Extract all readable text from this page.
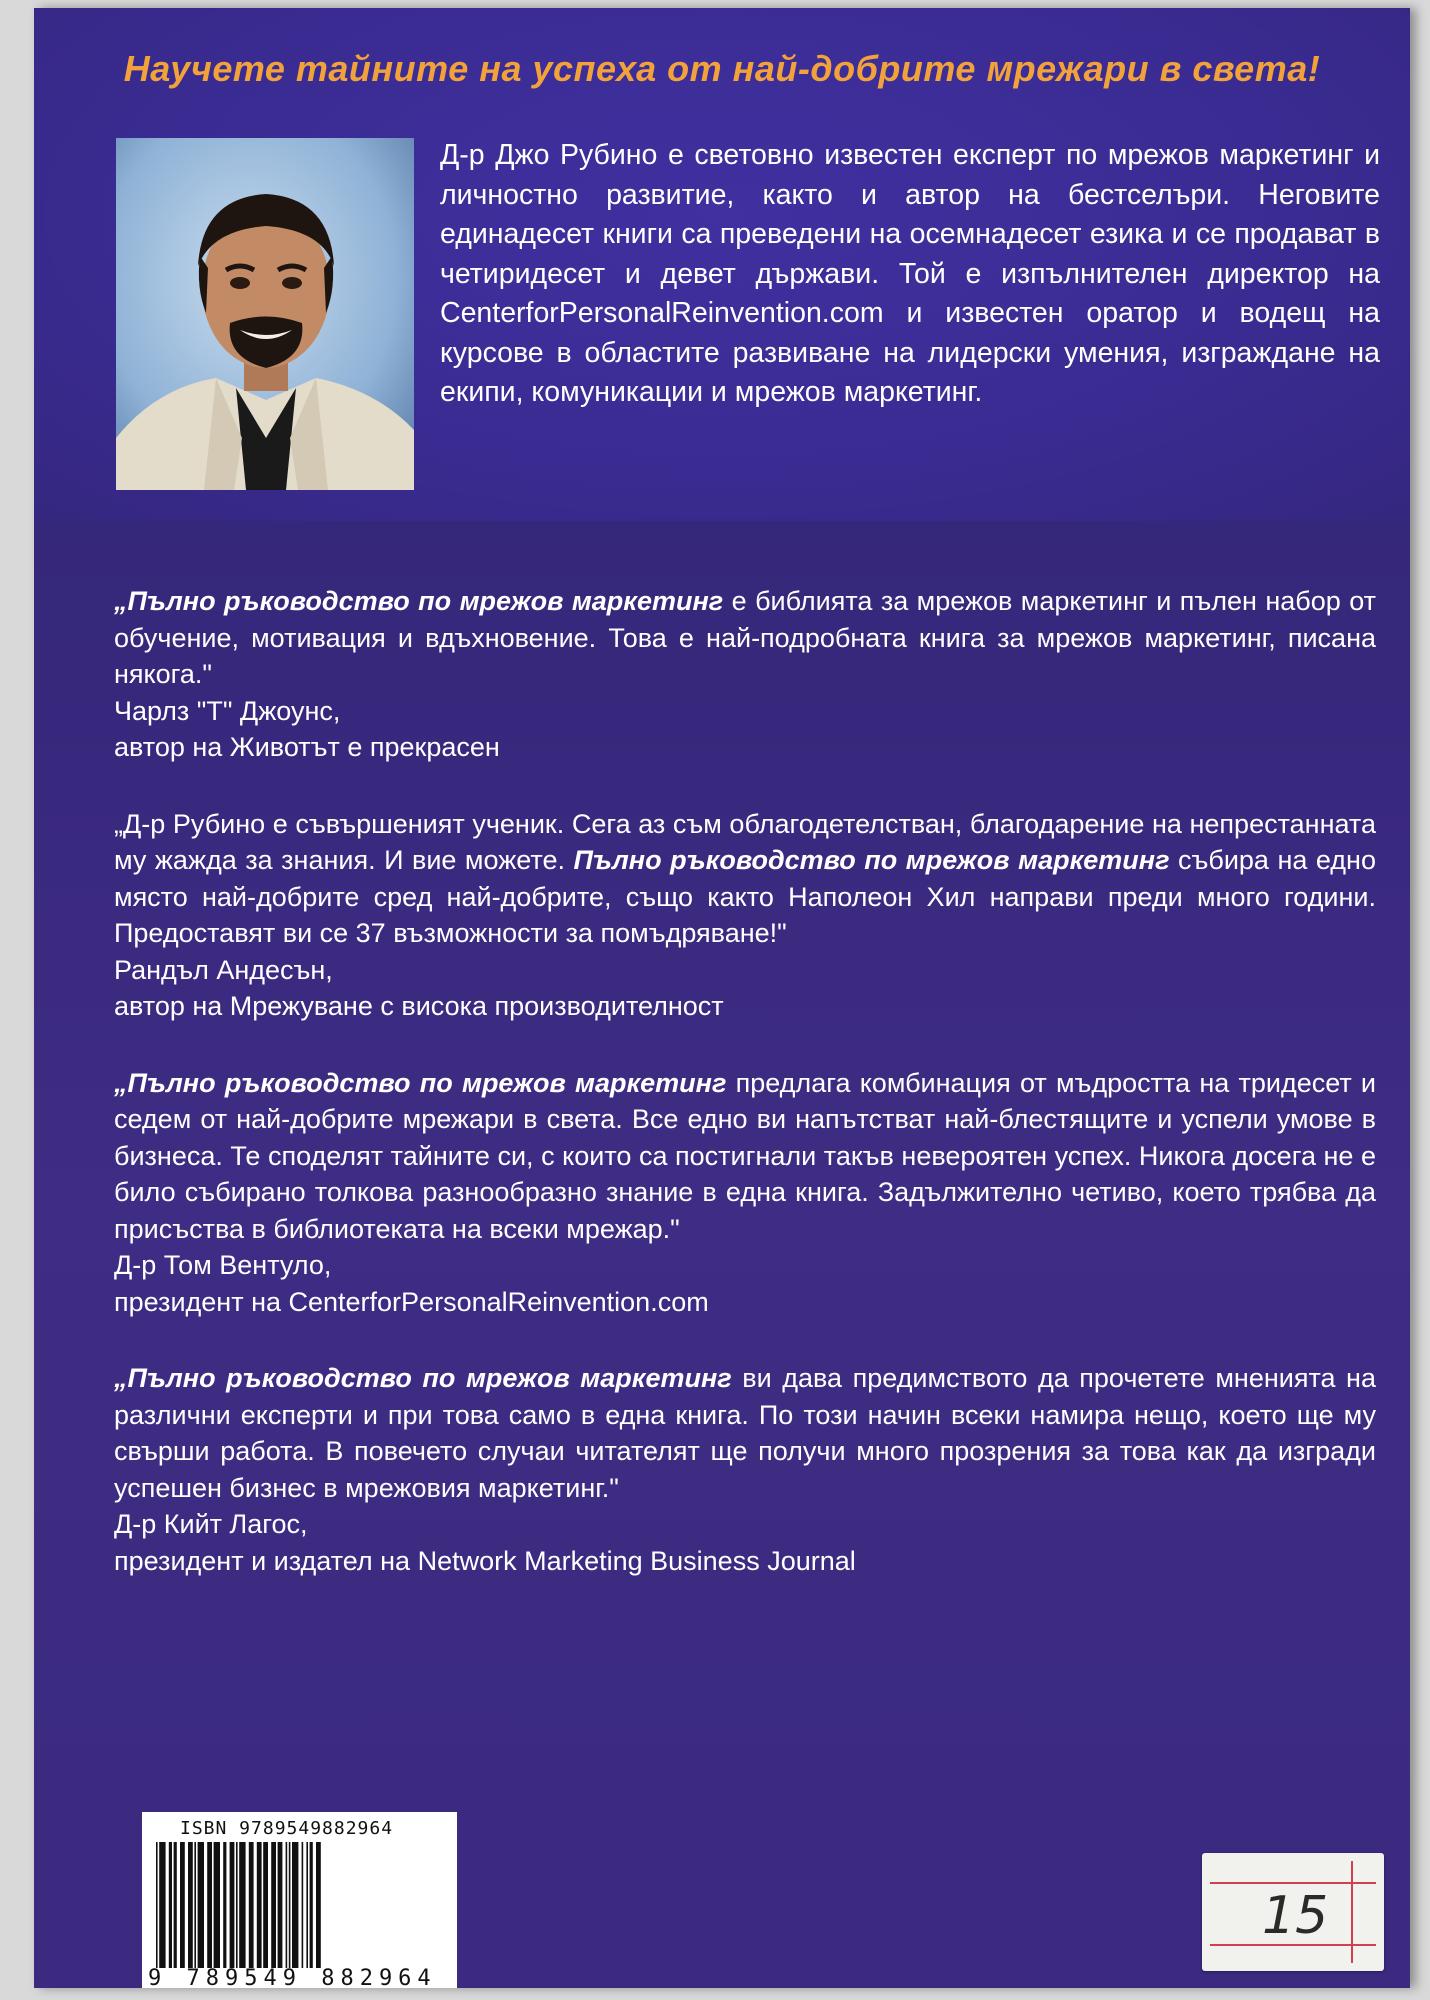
Научете тайните на успеха от най-добрите мрежари в света!

Д-р Джо Рубино е световно известен експерт по мрежов маркетинг и личностно развитие, както и автор на бестселъри. Неговите единадесет книги са преведени на осемнадесет езика и се продават в четиридесет и девет държави. Той е изпълнителен директор на CenterforPersonalReinvention.com и известен оратор и водещ на курсове в областите развиване на лидерски умения, изграждане на екипи, комуникации и мрежов маркетинг.

„Пълно ръководство по мрежов маркетинг е библията за мрежов маркетинг и пълен набор от обучение, мотивация и вдъхновение. Това е най-подробната книга за мрежов маркетинг, писана някога."

Чарлз "Т" Джоунс,

автор на Животът е прекрасен

„Д-р Рубино е съвършеният ученик. Сега аз съм облагодетелстван, благодарение на непрестанната му жажда за знания. И вие можете. Пълно ръководство по мрежов маркетинг събира на едно място най-добрите сред най-добрите, също както Наполеон Хил направи преди много години. Предоставят ви се 37 възможности за помъдряване!"

Рандъл Андесън,

автор на Мрежуване с висока производителност

„Пълно ръководство по мрежов маркетинг предлага комбинация от мъдростта на тридесет и седем от най-добрите мрежари в света. Все едно ви напътстват най-блестящите и успели умове в бизнеса. Те споделят тайните си, с които са постигнали такъв невероятен успех. Никога досега не е било събирано толкова разнообразно знание в една книга. Задължително четиво, което трябва да присъства в библиотеката на всеки мрежар."

Д-р Том Вентуло,

президент на CenterforPersonalReinvention.com

„Пълно ръководство по мрежов маркетинг ви дава предимството да прочетете мненията на различни експерти и при това само в една книга. По този начин всеки намира нещо, което ще му свърши работа. В повечето случаи читателят ще получи много прозрения за това как да изгради успешен бизнес в мрежовия маркетинг."

Д-р Кийт Лагос,

президент и издател на Network Marketing Business Journal

ISBN 9789549882964
9 789549 882964
15
